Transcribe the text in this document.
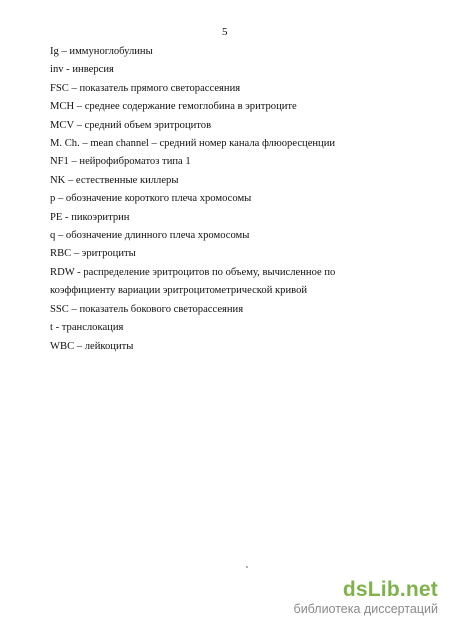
5
Ig – иммуноглобулины
inv - инверсия
FSC – показатель прямого светорассеяния
MCH – среднее содержание гемоглобина в эритроците
MCV – средний объем эритроцитов
M. Ch. – mean channel – средний номер канала флюоресценции
NF1 – нейрофиброматоз типа 1
NK – естественные киллеры
p – обозначение короткого плеча хромосомы
PE - пикоэритрин
q – обозначение длинного плеча хромосомы
RBC – эритроциты
RDW - распределение эритроцитов по объему, вычисленное по
коэффициенту вариации эритроцитометрической кривой
SSC – показатель бокового светорассеяния
t - транслокация
WBC – лейкоциты
dsLib.net
библиотека диссертаций
